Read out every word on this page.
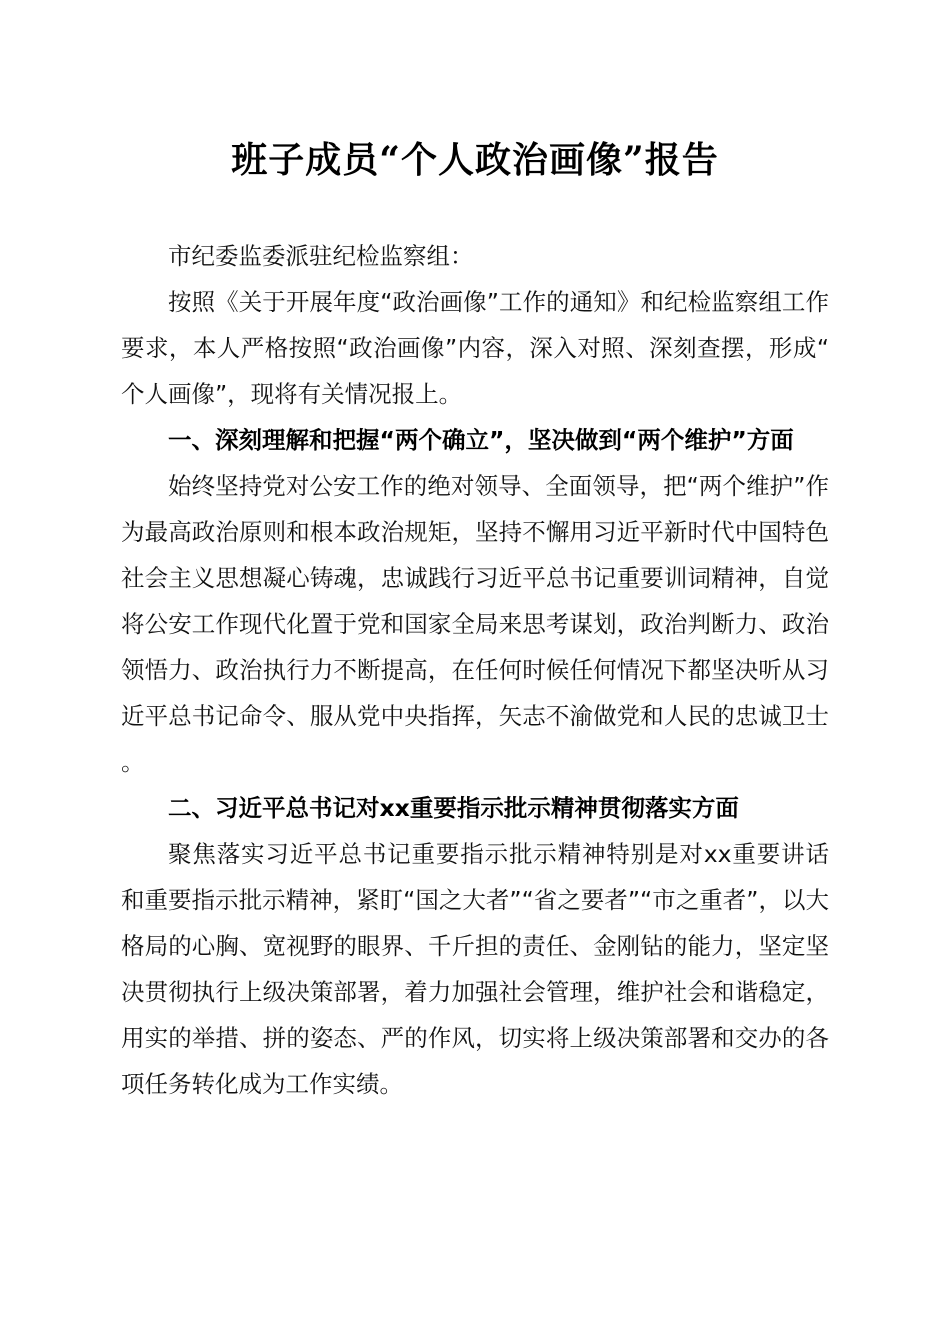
班子成员“个人政治画像”报告

市纪委监委派驻纪检监察组：

按照《关于开展年度“政治画像”工作的通知》和纪检监察组工作要求，本人严格按照“政治画像”内容，深入对照、深刻查摆，形成“个人画像”，现将有关情况报上。

一、深刻理解和把握“两个确立”，坚决做到“两个维护”方面

始终坚持党对公安工作的绝对领导、全面领导，把“两个维护”作为最高政治原则和根本政治规矩，坚持不懈用习近平新时代中国特色社会主义思想凝心铸魂，忠诚践行习近平总书记重要训词精神，自觉将公安工作现代化置于党和国家全局来思考谋划，政治判断力、政治领悟力、政治执行力不断提高，在任何时候任何情况下都坚决听从习近平总书记命令、服从党中央指挥，矢志不渝做党和人民的忠诚卫士。

二、习近平总书记对xx重要指示批示精神贯彻落实方面

聚焦落实习近平总书记重要指示批示精神特别是对xx重要讲话和重要指示批示精神，紧盯“国之大者”“省之要者”“市之重者”，以大格局的心胸、宽视野的眼界、千斤担的责任、金刚钻的能力，坚定坚决贯彻执行上级决策部署，着力加强社会管理，维护社会和谐稳定，用实的举措、拼的姿态、严的作风，切实将上级决策部署和交办的各项任务转化成为工作实绩。
